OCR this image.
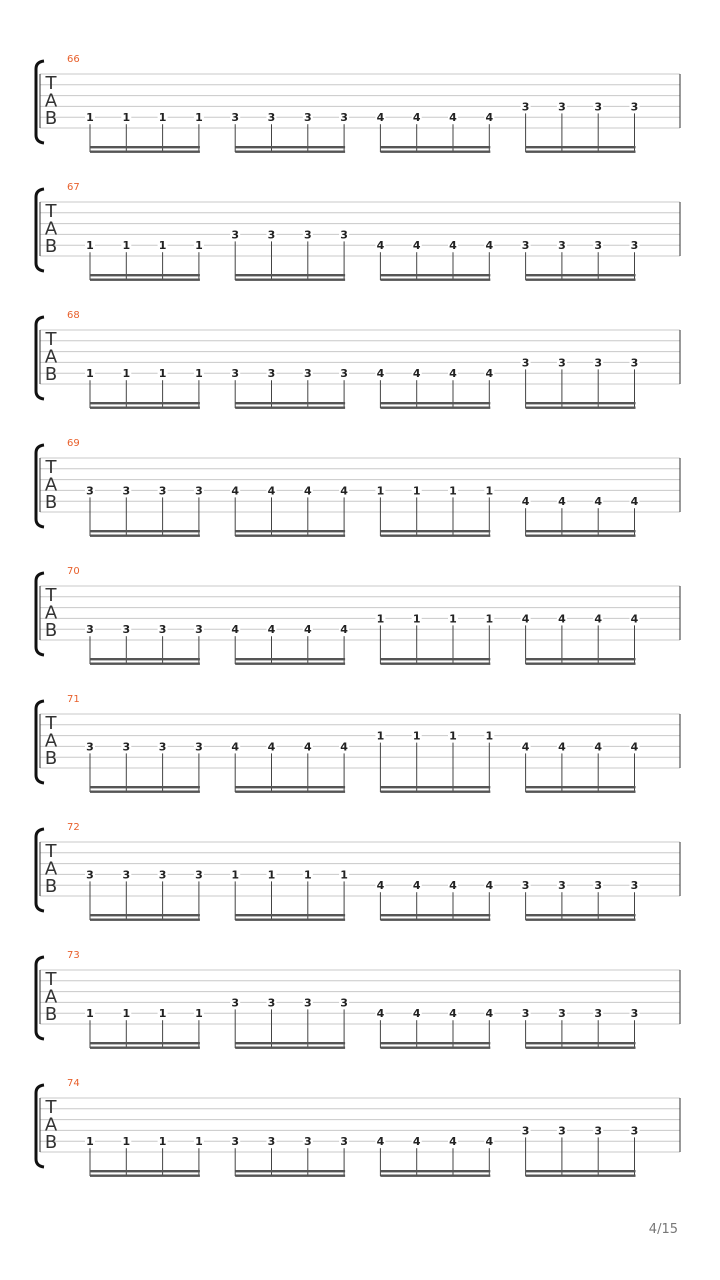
66
T
A
B	1	1	1	1	3	3	3	3	4	4	4	4
3	3	3	3
67
T
A
B	1	1	1	1
3	3	3	3
4	4	4	4	3	3	3	3
68
T
A
B	1	1	1	1	3	3	3	3	4	4	4	4
3	3	3	3
69
T
A
B
3	3	3	3	4	4	4	4	1	1	1	1
4	4	4	4
70
T
A
B	3	3	3	3	4	4	4	4
1	1	1	1	4	4	4	4
71
T
A
B
3	3	3	3	4	4	4	4
1	1	1	1
4	4	4	4
72
T
A
B
3	3	3	3	1	1	1	1
4	4	4	4	3	3	3	3
73
T
A
B	1	1	1	1
3	3	3	3
4	4	4	4	3	3	3	3
74
T
A
B	1	1	1	1	3	3	3	3	4	4	4	4
3	3	3	3
4/15
